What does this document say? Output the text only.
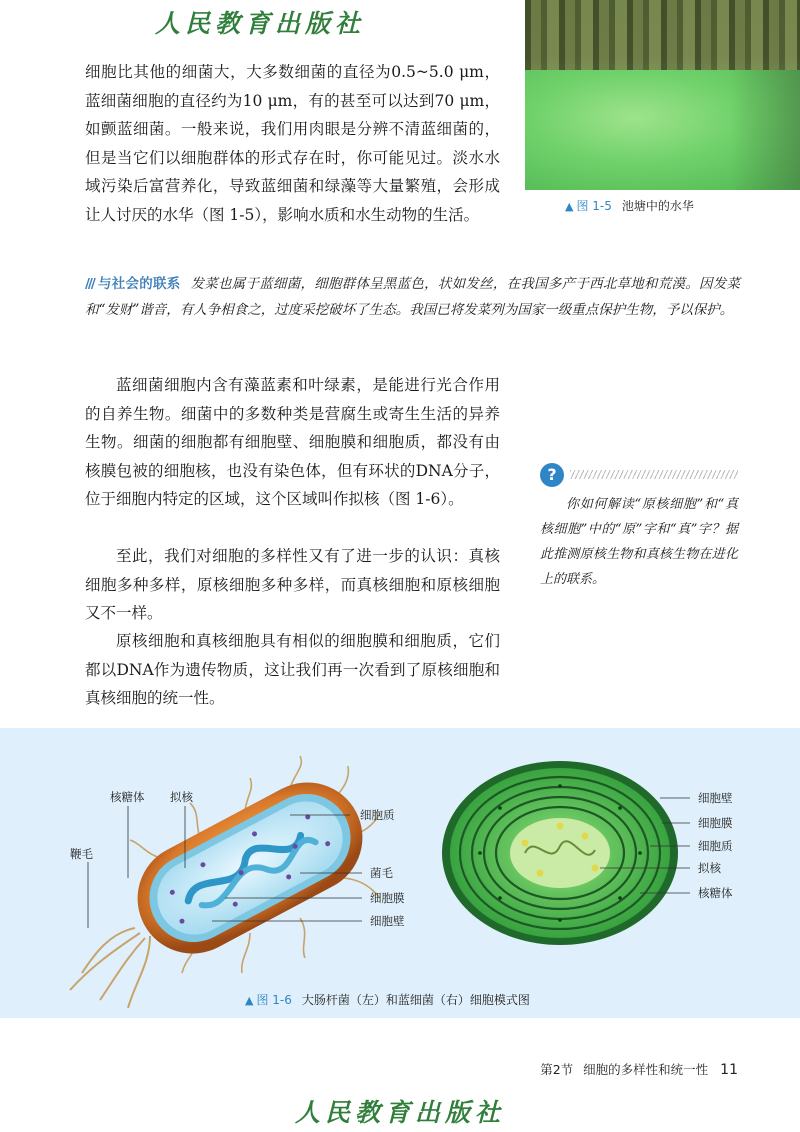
人民教育出版社
▲ 图 1-5 池塘中的水华

细胞比其他的细菌大，大多数细菌的直径为0.5~5.0 μm，蓝细菌细胞的直径约为10 μm，有的甚至可以达到70 μm，如颤蓝细菌。一般来说，我们用肉眼是分辨不清蓝细菌的，但是当它们以细胞群体的形式存在时，你可能见过。淡水水域污染后富营养化，导致蓝细菌和绿藻等大量繁殖，会形成让人讨厌的水华（图 1-5），影响水质和水生动物的生活。

/// 与社会的联系 发菜也属于蓝细菌，细胞群体呈黑蓝色，状如发丝，在我国多产于西北草地和荒漠。因发菜和“发财”谐音，有人争相食之，过度采挖破坏了生态。我国已将发菜列为国家一级重点保护生物，予以保护。

蓝细菌细胞内含有藻蓝素和叶绿素，是能进行光合作用的自养生物。细菌中的多数种类是营腐生或寄生生活的异养生物。细菌的细胞都有细胞壁、细胞膜和细胞质，都没有由核膜包被的细胞核，也没有染色体，但有环状的DNA分子，位于细胞内特定的区域，这个区域叫作拟核（图 1-6）。

至此，我们对细胞的多样性又有了进一步的认识：真核细胞多种多样，原核细胞多种多样，而真核细胞和原核细胞又不一样。

原核细胞和真核细胞具有相似的细胞膜和细胞质，它们都以DNA作为遗传物质，这让我们再一次看到了原核细胞和真核细胞的统一性。

?

你如何解读“原核细胞”和“真核细胞”中的“原”字和“真”字？据此推测原核生物和真核生物在进化上的联系。

核糖体 拟核
细胞质
鞭毛
菌毛
细胞膜
细胞壁
细胞壁
细胞膜
细胞质
拟核
核糖体
▲ 图 1-6 大肠杆菌（左）和蓝细菌（右）细胞模式图
第2节 细胞的多样性和统一性 11
人民教育出版社
